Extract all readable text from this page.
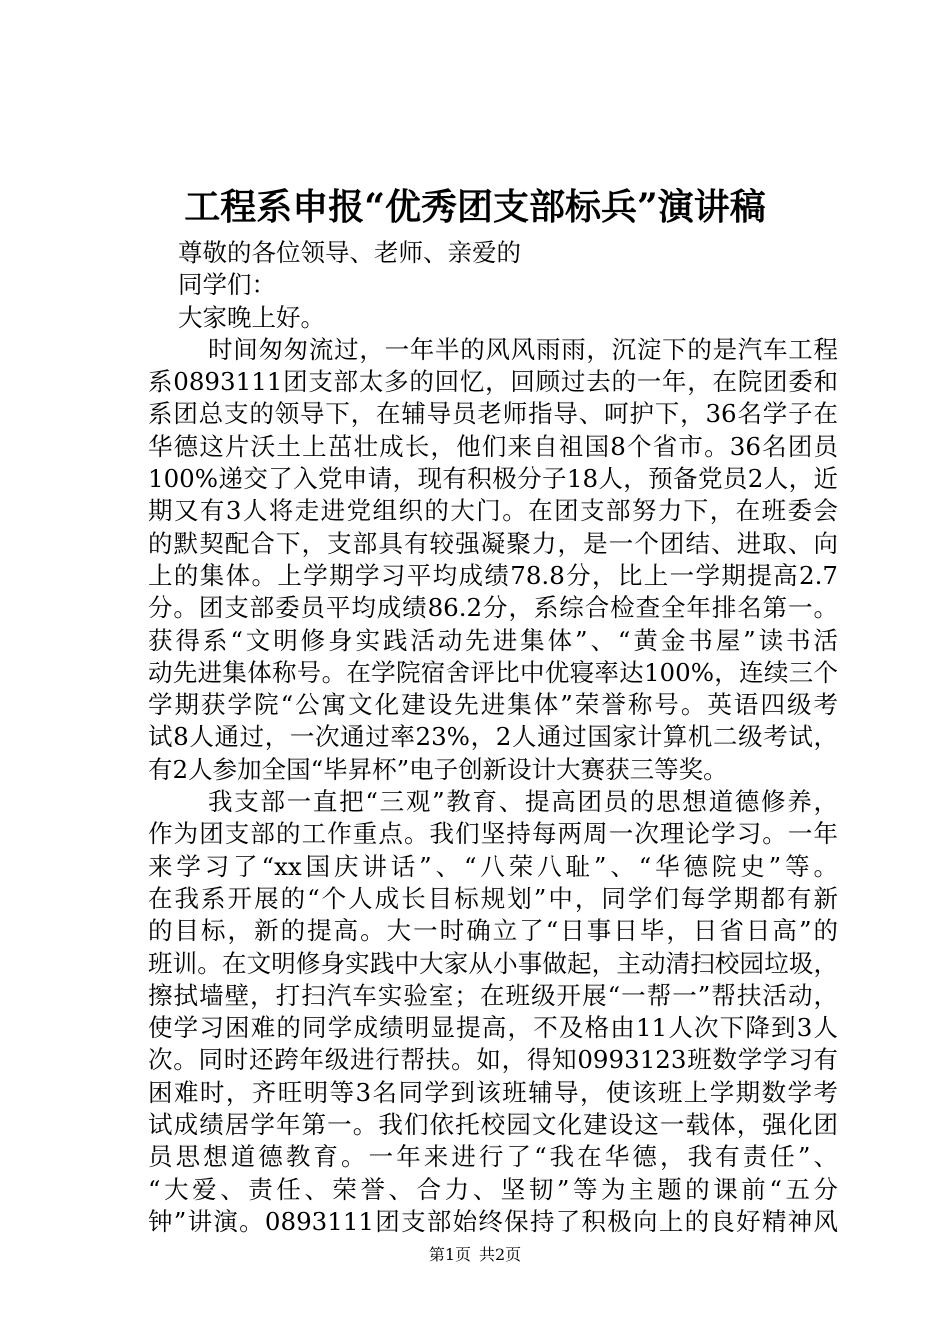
工程系申报“优秀团支部标兵”演讲稿
尊敬的各位领导、老师、亲爱的
同学们：
大家晚上好。
时间匆匆流过，一年半的风风雨雨，沉淀下的是汽车工程
系0893111团支部太多的回忆，回顾过去的一年，在院团委和
系团总支的领导下，在辅导员老师指导、呵护下，36名学子在
华德这片沃土上茁壮成长，他们来自祖国8个省市。36名团员
100%递交了入党申请，现有积极分子18人，预备党员2人，近
期又有3人将走进党组织的大门。在团支部努力下，在班委会
的默契配合下，支部具有较强凝聚力，是一个团结、进取、向
上的集体。上学期学习平均成绩78.8分，比上一学期提高2.7
分。团支部委员平均成绩86.2分，系综合检查全年排名第一。
获得系“文明修身实践活动先进集体”、“黄金书屋”读书活
动先进集体称号。在学院宿舍评比中优寝率达100%，连续三个
学期获学院“公寓文化建设先进集体”荣誉称号。英语四级考
试8人通过，一次通过率23%，2人通过国家计算机二级考试，
有2人参加全国“毕昇杯”电子创新设计大赛获三等奖。
我支部一直把“三观”教育、提高团员的思想道德修养，
作为团支部的工作重点。我们坚持每两周一次理论学习。一年
来学习了“xx国庆讲话”、“八荣八耻”、“华德院史”等。
在我系开展的“个人成长目标规划”中，同学们每学期都有新
的目标，新的提高。大一时确立了“日事日毕，日省日高”的
班训。在文明修身实践中大家从小事做起，主动清扫校园垃圾，
擦拭墙壁，打扫汽车实验室；在班级开展“一帮一”帮扶活动，
使学习困难的同学成绩明显提高，不及格由11人次下降到3人
次。同时还跨年级进行帮扶。如，得知0993123班数学学习有
困难时，齐旺明等3名同学到该班辅导，使该班上学期数学考
试成绩居学年第一。我们依托校园文化建设这一载体，强化团
员思想道德教育。一年来进行了“我在华德，我有责任”、
“大爱、责任、荣誉、合力、坚韧”等为主题的课前“五分
钟”讲演。0893111团支部始终保持了积极向上的良好精神风
第1页 共2页
